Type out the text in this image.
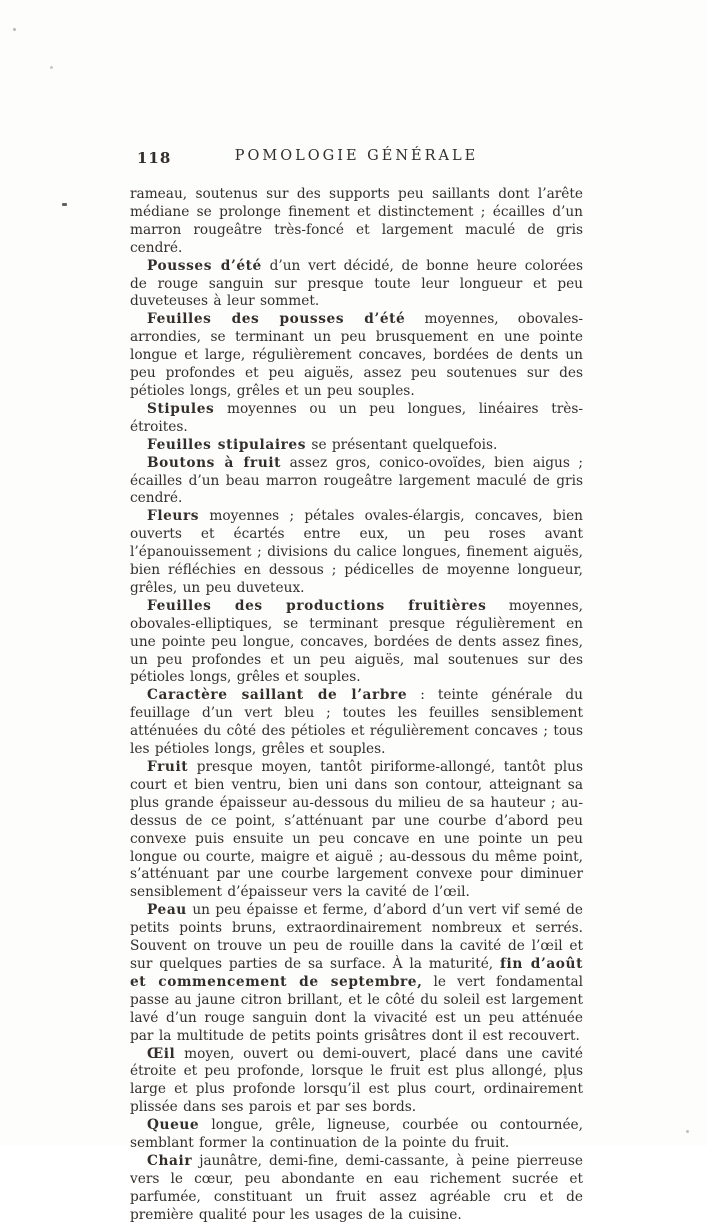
118	POMOLOGIE GÉNÉRALE

rameau, soutenus sur des supports peu saillants dont l’arête médiane se prolonge finement et distinctement ; écailles d’un marron rougeâtre très-foncé et largement maculé de gris cendré.

Pousses d’été d’un vert décidé, de bonne heure colorées de rouge sanguin sur presque toute leur longueur et peu duveteuses à leur sommet.

Feuilles des pousses d’été moyennes, obovales-arrondies, se terminant un peu brusquement en une pointe longue et large, régulièrement concaves, bordées de dents un peu profondes et peu aiguës, assez peu soutenues sur des pétioles longs, grêles et un peu souples.

Stipules moyennes ou un peu longues, linéaires très-étroites.

Feuilles stipulaires se présentant quelquefois.

Boutons à fruit assez gros, conico-ovoïdes, bien aigus ; écailles d’un beau marron rougeâtre largement maculé de gris cendré.

Fleurs moyennes ; pétales ovales-élargis, concaves, bien ouverts et écartés entre eux, un peu roses avant l’épanouissement ; divisions du calice longues, finement aiguës, bien réfléchies en dessous ; pédicelles de moyenne longueur, grêles, un peu duveteux.

Feuilles des productions fruitières moyennes, obovales-elliptiques, se terminant presque régulièrement en une pointe peu longue, concaves, bordées de dents assez fines, un peu profondes et un peu aiguës, mal soutenues sur des pétioles longs, grêles et souples.

Caractère saillant de l’arbre : teinte générale du feuillage d’un vert bleu ; toutes les feuilles sensiblement atténuées du côté des pétioles et régulièrement concaves ; tous les pétioles longs, grêles et souples.

Fruit presque moyen, tantôt piriforme-allongé, tantôt plus court et bien ventru, bien uni dans son contour, atteignant sa plus grande épaisseur au-dessous du milieu de sa hauteur ; au-dessus de ce point, s’atténuant par une courbe d’abord peu convexe puis ensuite un peu concave en une pointe un peu longue ou courte, maigre et aiguë ; au-dessous du même point, s’atténuant par une courbe largement convexe pour diminuer sensiblement d’épaisseur vers la cavité de l’œil.

Peau un peu épaisse et ferme, d’abord d’un vert vif semé de petits points bruns, extraordinairement nombreux et serrés. Souvent on trouve un peu de rouille dans la cavité de l’œil et sur quelques parties de sa surface. À la maturité, fin d’août et commencement de septembre, le vert fondamental passe au jaune citron brillant, et le côté du soleil est largement lavé d’un rouge sanguin dont la vivacité est un peu atténuée par la multitude de petits points grisâtres dont il est recouvert.

Œil moyen, ouvert ou demi-ouvert, placé dans une cavité étroite et peu profonde, lorsque le fruit est plus allongé, plus large et plus profonde lorsqu’il est plus court, ordinairement plissée dans ses parois et par ses bords.

Queue longue, grêle, ligneuse, courbée ou contournée, semblant former la continuation de la pointe du fruit.

Chair jaunâtre, demi-fine, demi-cassante, à peine pierreuse vers le cœur, peu abondante en eau richement sucrée et parfumée, constituant un fruit assez agréable cru et de première qualité pour les usages de la cuisine.
